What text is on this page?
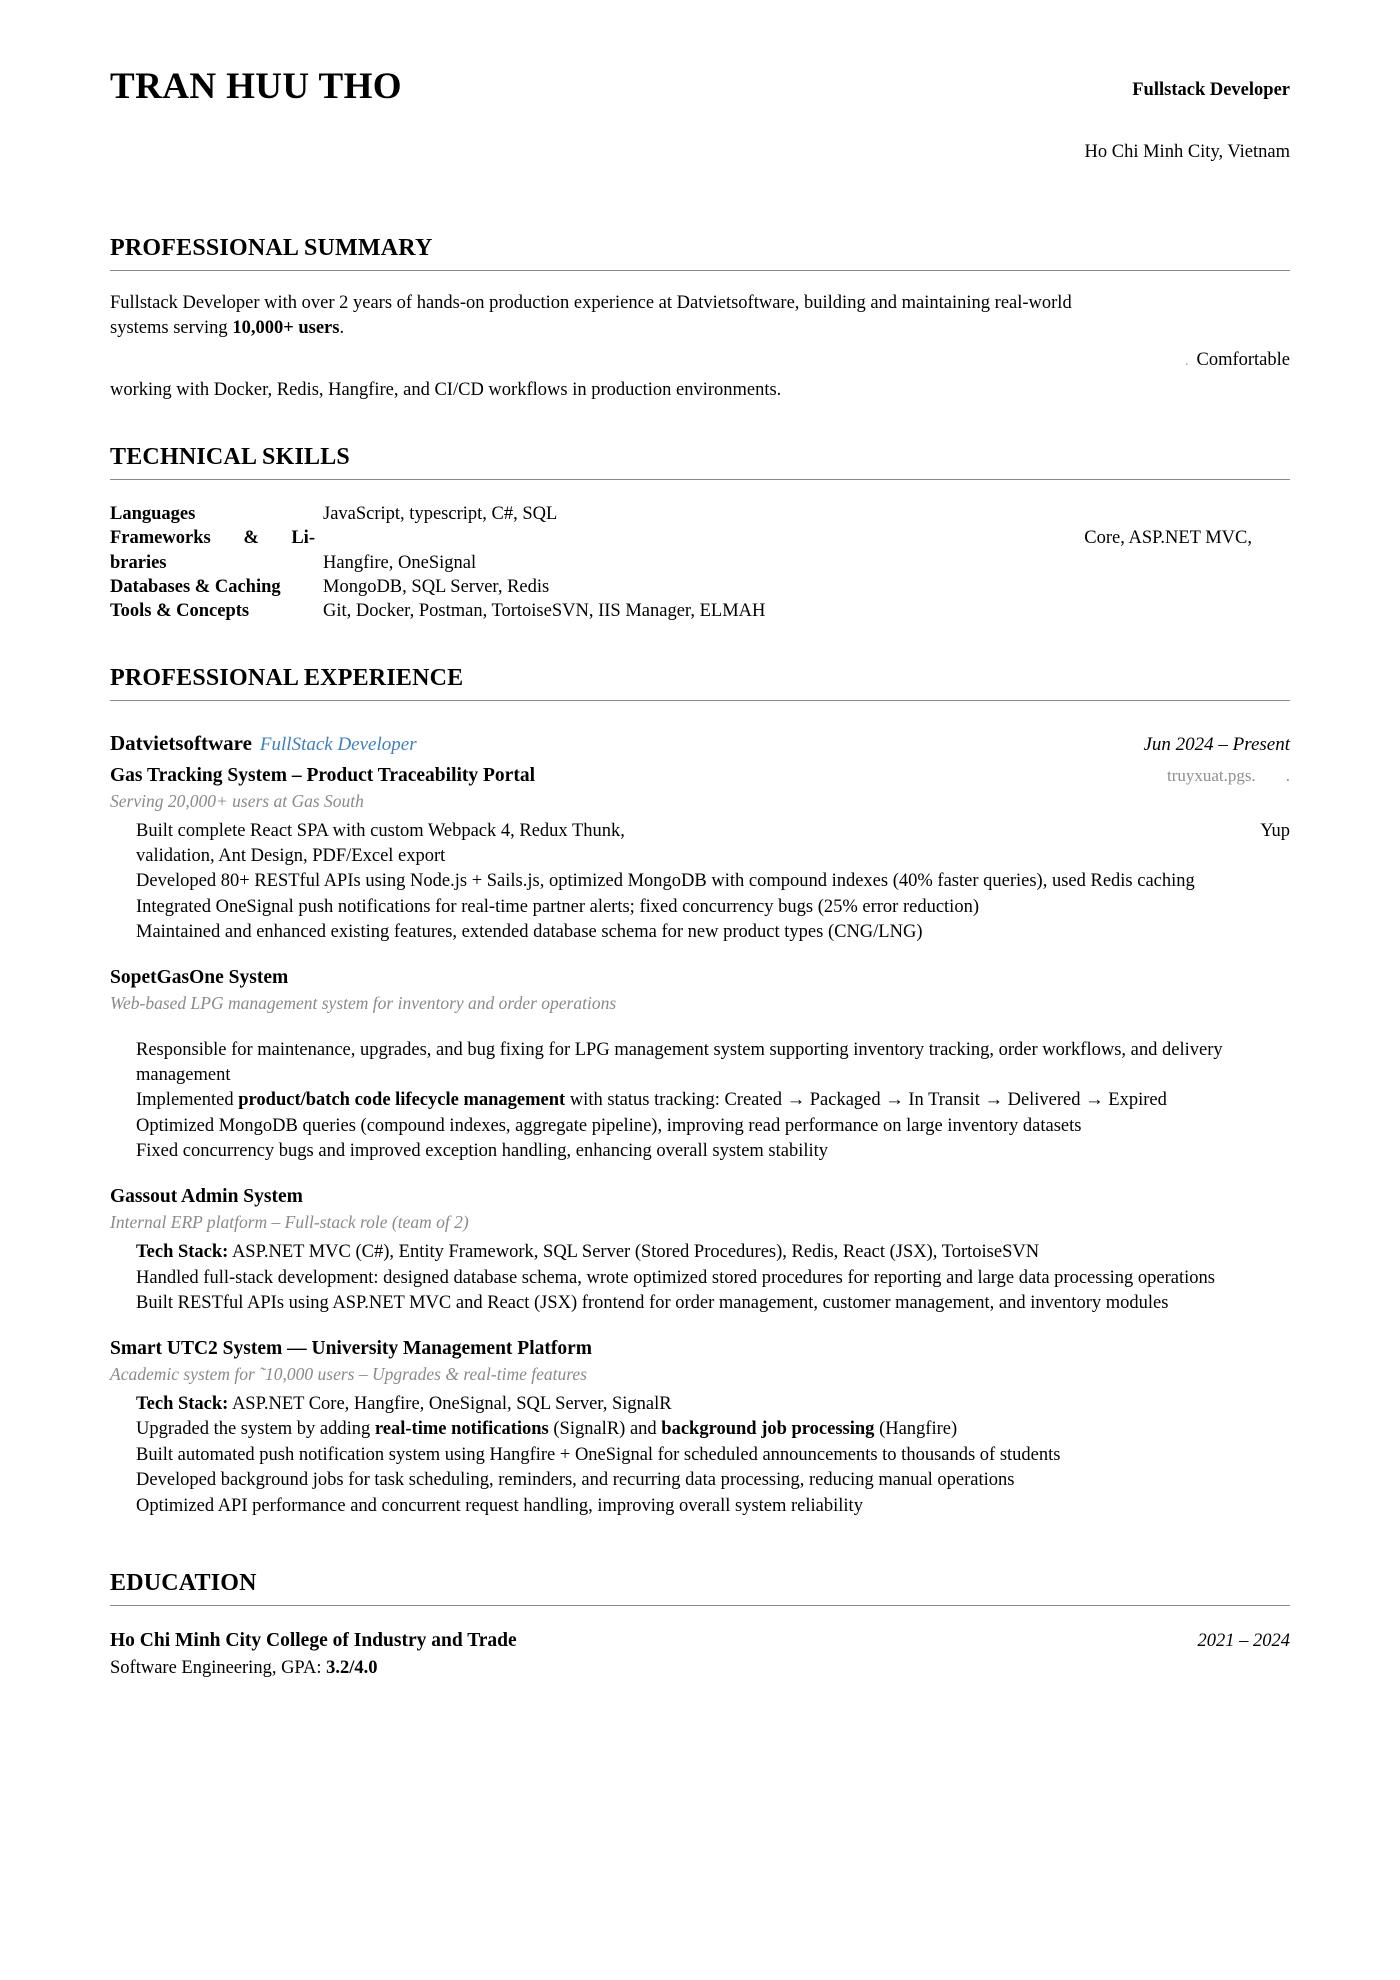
TRAN HUU THO	Fullstack Developer
Ho Chi Minh City, Vietnam
PROFESSIONAL SUMMARY
Fullstack Developer with over 2 years of hands-on production experience at Datvietsoftware, building and maintaining real-world
systems serving 10,000+ users.
. Comfortable
working with Docker, Redis, Hangfire, and CI/CD workflows in production environments.
TECHNICAL SKILLS
Languages	JavaScript, typescript, C#, SQL
Frameworks & Li-	Core, ASP.NET MVC,
braries	Hangfire, OneSignal
Databases & Caching	MongoDB, SQL Server, Redis
Tools & Concepts	Git, Docker, Postman, TortoiseSVN, IIS Manager, ELMAH
PROFESSIONAL EXPERIENCE
Datvietsoftware FullStack Developer	Jun 2024 – Present
Gas Tracking System – Product Traceability Portal	truyxuat.pgs. .
Serving 20,000+ users at Gas South
Built complete React SPA with custom Webpack 4, Redux Thunk,	Yup
validation, Ant Design, PDF/Excel export
Developed 80+ RESTful APIs using Node.js + Sails.js, optimized MongoDB with compound indexes (40% faster queries), used Redis caching
Integrated OneSignal push notifications for real-time partner alerts; fixed concurrency bugs (25% error reduction)
Maintained and enhanced existing features, extended database schema for new product types (CNG/LNG)
SopetGasOne System
Web-based LPG management system for inventory and order operations
Responsible for maintenance, upgrades, and bug fixing for LPG management system supporting inventory tracking, order workflows, and delivery management
Implemented product/batch code lifecycle management with status tracking: Created → Packaged → In Transit → Delivered → Expired
Optimized MongoDB queries (compound indexes, aggregate pipeline), improving read performance on large inventory datasets
Fixed concurrency bugs and improved exception handling, enhancing overall system stability
Gassout Admin System
Internal ERP platform – Full-stack role (team of 2)
Tech Stack: ASP.NET MVC (C#), Entity Framework, SQL Server (Stored Procedures), Redis, React (JSX), TortoiseSVN
Handled full-stack development: designed database schema, wrote optimized stored procedures for reporting and large data processing operations
Built RESTful APIs using ASP.NET MVC and React (JSX) frontend for order management, customer management, and inventory modules
Smart UTC2 System — University Management Platform
Academic system for ˜10,000 users – Upgrades & real-time features
Tech Stack: ASP.NET Core, Hangfire, OneSignal, SQL Server, SignalR
Upgraded the system by adding real-time notifications (SignalR) and background job processing (Hangfire)
Built automated push notification system using Hangfire + OneSignal for scheduled announcements to thousands of students
Developed background jobs for task scheduling, reminders, and recurring data processing, reducing manual operations
Optimized API performance and concurrent request handling, improving overall system reliability
EDUCATION
Ho Chi Minh City College of Industry and Trade	2021 – 2024
Software Engineering, GPA: 3.2/4.0
